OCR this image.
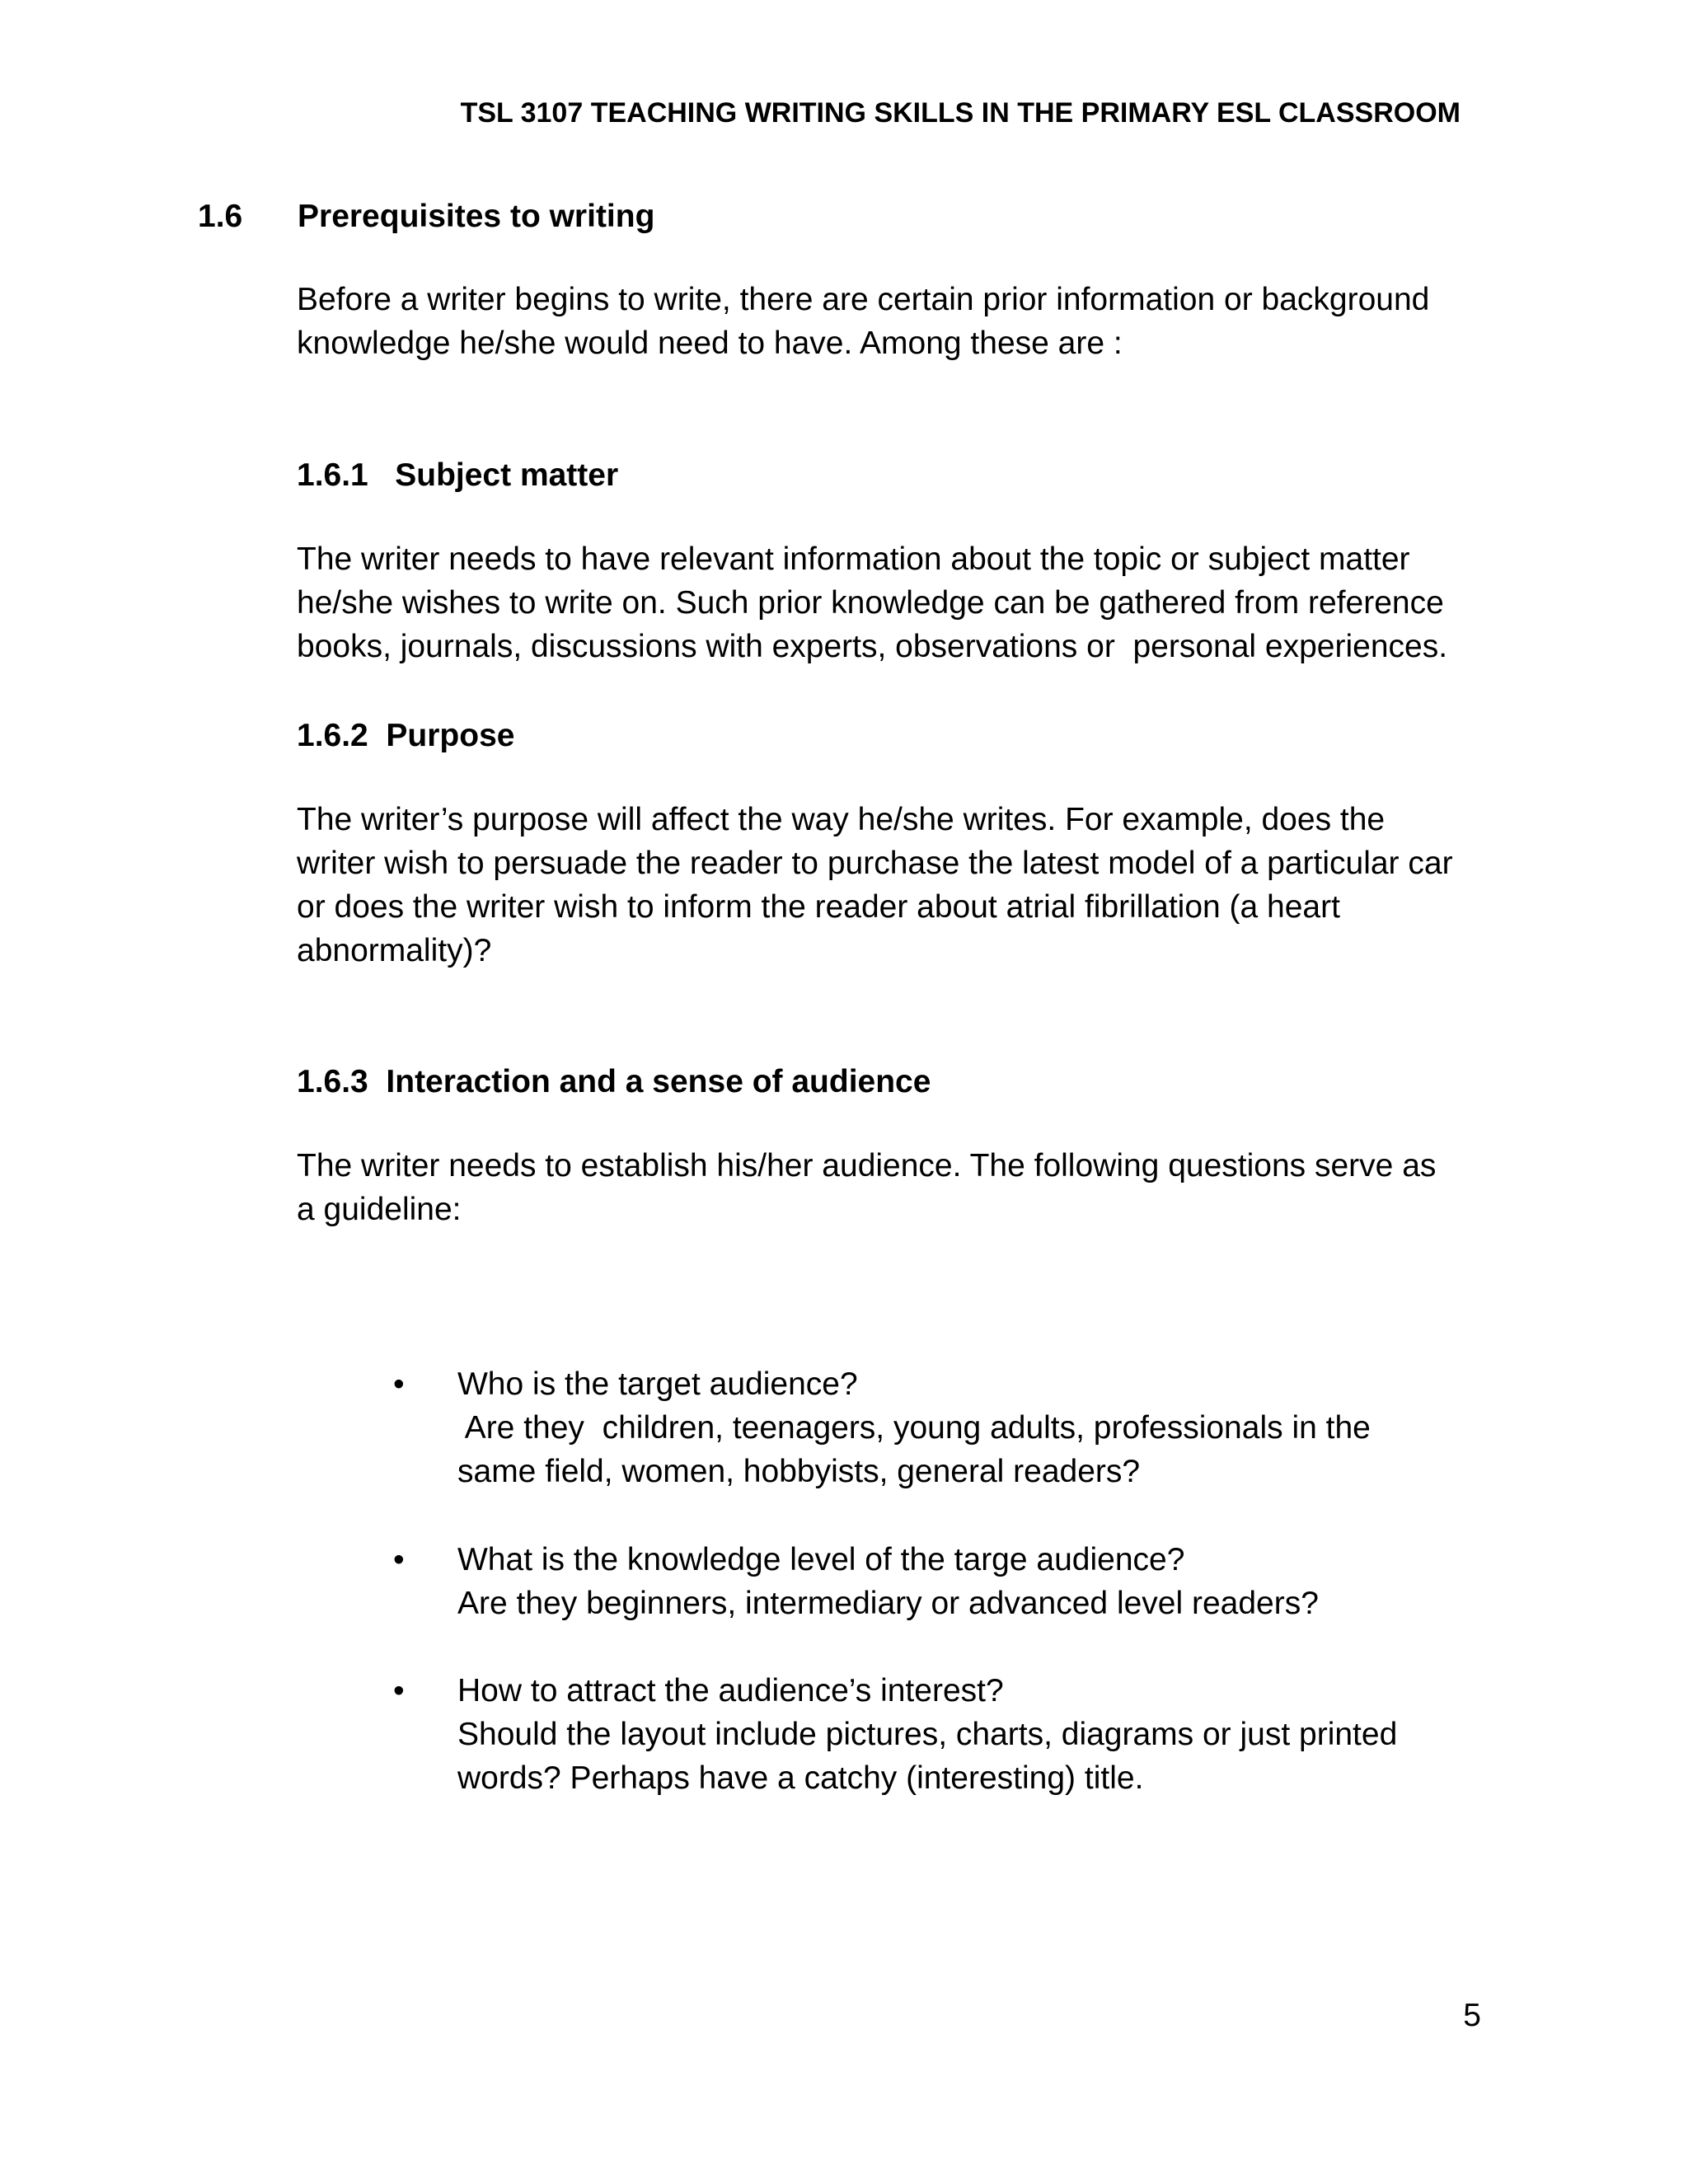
TSL 3107 TEACHING WRITING SKILLS IN THE PRIMARY ESL CLASSROOM
1.6 Prerequisites to writing

Before a writer begins to write, there are certain prior information or background
knowledge he/she would need to have. Among these are :

1.6.1   Subject matter

The writer needs to have relevant information about the topic or subject matter
he/she wishes to write on. Such prior knowledge can be gathered from reference
books, journals, discussions with experts, observations or  personal experiences.

1.6.2  Purpose

The writer’s purpose will affect the way he/she writes. For example, does the
writer wish to persuade the reader to purchase the latest model of a particular car
or does the writer wish to inform the reader about atrial fibrillation (a heart
abnormality)?

1.6.3  Interaction and a sense of audience

The writer needs to establish his/her audience. The following questions serve as
a guideline:

•	Who is the target audience?
Are they  children, teenagers, young adults, professionals in the
same field, women, hobbyists, general readers?
•	What is the knowledge level of the targe audience?
Are they beginners, intermediary or advanced level readers?
•	How to attract the audience’s interest?
Should the layout include pictures, charts, diagrams or just printed
words? Perhaps have a catchy (interesting) title.
5
